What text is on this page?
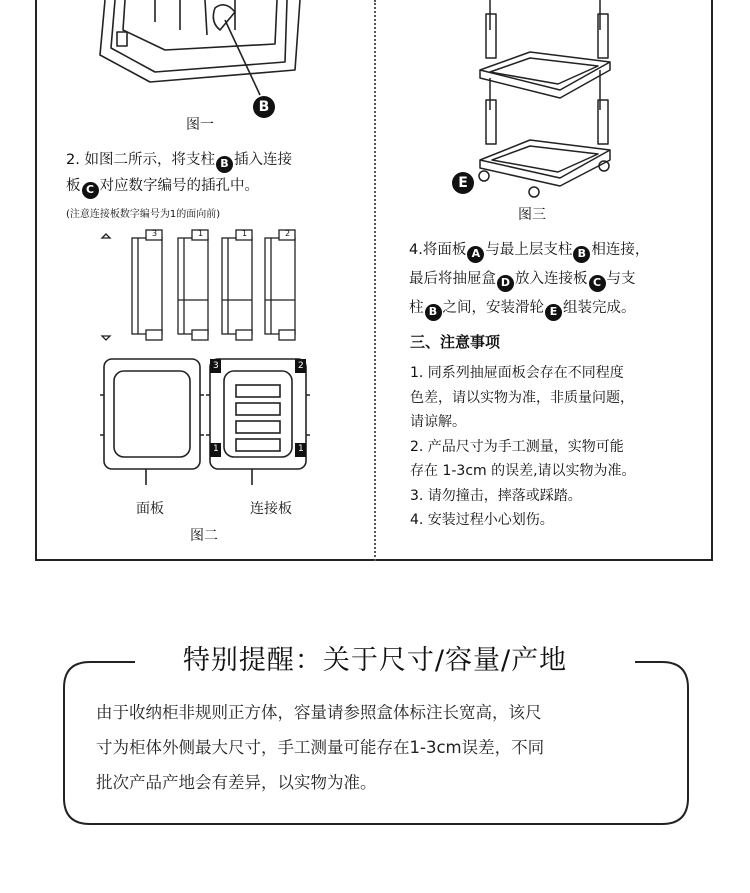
B
图一
2. 如图二所示，将支柱 B 插入连接
板 C 对应数字编号的插孔中。
(注意连接板数字编号为1的面向前)
3	1	1	2
3	2
1	1
面板	连接板
图二
E
图三
4.将面板 A 与最上层支柱 B 相连接，
最后将抽屉盒 D 放入连接板 C 与支
柱 B 之间，安装滑轮 E 组装完成。
三、注意事项
1. 同系列抽屉面板会存在不同程度
色差，请以实物为准，非质量问题，
请谅解。
2. 产品尺寸为手工测量，实物可能
存在 1-3cm 的误差,请以实物为准。
3. 请勿撞击，摔落或踩踏。
4. 安装过程小心划伤。
特别提醒：关于尺寸/容量/产地
由于收纳柜非规则正方体，容量请参照盒体标注长宽高，该尺
寸为柜体外侧最大尺寸，手工测量可能存在1-3cm误差，不同
批次产品产地会有差异，以实物为准。
